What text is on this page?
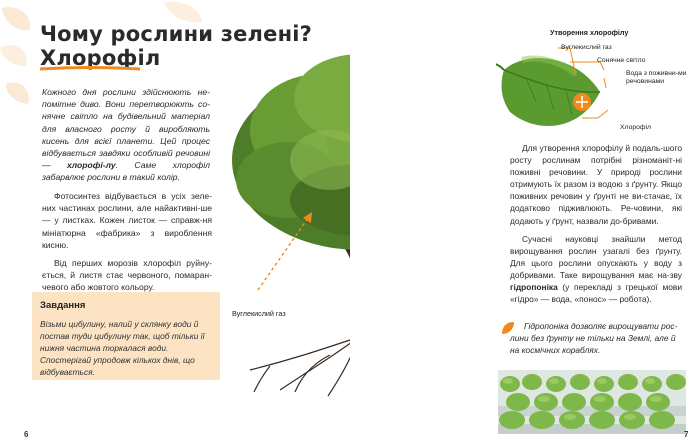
Чому рослини зелені?
Хлорофіл

Кожного дня рослини здійснюють не-помітне диво. Вони перетворюють со-нячне світло на будівельний матеріал для власного росту й виробляють кисень для всієї планети. Цей процес відбувається завдяки особливій речовині — хлорофі-лу. Саме хлорофіл забарвлює рослини в такий колір.

Фотосинтез відбувається в усіх зеле-них частинах рослини, але найактивні-ше — у листках. Кожен листок — справж-ня мініатюрна «фабрика» з вироблення кисню.

Від перших морозів хлорофіл руйну-ється, й листя стає червоного, помаран-чевого або жовтого кольору.

Завдання

Візьми цибулину, налий у склянку води й постав туди цибулину так, щоб тільки її нижня частина торкалася води. Спостерігай упродовж кількох днів, що відбувається.

6
Вуглекислий газ
Утворення хлорофілу
Вуглекислий газ
Сонячне світло
Вода з поживни-ми речовинами
Хлорофіл

Для утворення хлорофілу й подаль-шого росту рослинам потрібні різноманіт-ні поживні речовини. У природі рослини отримують їх разом із водою з ґрунту. Якщо поживних речовин у ґрунті не ви-стачає, їх додатково підживлюють. Ре-човини, які додають у ґрунт, назвали до-бривами.

Сучасні науковці знайшли метод вирощування рослин узагалі без ґрунту. Для цього рослини опускають у воду з добривами. Таке вирощування має на-зву гідропоніка (у перекладі з грецької мови «гідро» — вода, «понос» — робота).

Гідропоніка дозволяє вирощувати рос-лини без ґрунту не тільки на Землі, але й на космічних кораблях.

7
